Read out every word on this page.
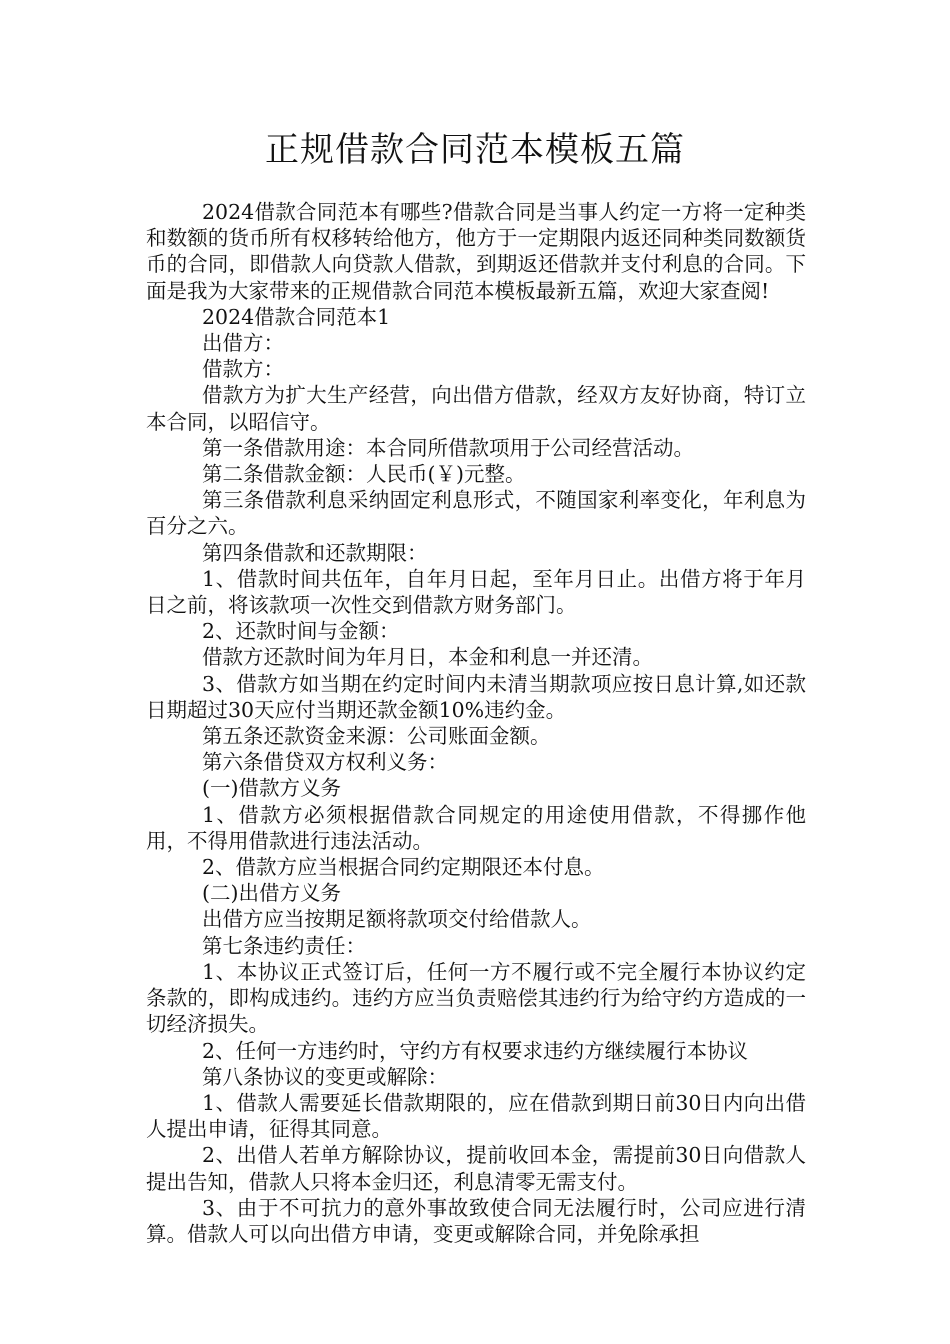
正规借款合同范本模板五篇

2024借款合同范本有哪些?借款合同是当事人约定一方将一定种类和数额的货币所有权移转给他方，他方于一定期限内返还同种类同数额货币的合同，即借款人向贷款人借款，到期返还借款并支付利息的合同。下面是我为大家带来的正规借款合同范本模板最新五篇，欢迎大家查阅!

2024借款合同范本1

出借方：

借款方：

借款方为扩大生产经营，向出借方借款，经双方友好协商，特订立本合同，以昭信守。

第一条借款用途：本合同所借款项用于公司经营活动。

第二条借款金额：人民币(￥)元整。

第三条借款利息采纳固定利息形式，不随国家利率变化，年利息为百分之六。

第四条借款和还款期限：

1、借款时间共伍年，自年月日起，至年月日止。出借方将于年月日之前，将该款项一次性交到借款方财务部门。

2、还款时间与金额：

借款方还款时间为年月日，本金和利息一并还清。

3、借款方如当期在约定时间内未清当期款项应按日息计算,如还款日期超过30天应付当期还款金额10%违约金。

第五条还款资金来源：公司账面金额。

第六条借贷双方权利义务：

(一)借款方义务

1、借款方必须根据借款合同规定的用途使用借款，不得挪作他用，不得用借款进行违法活动。

2、借款方应当根据合同约定期限还本付息。

(二)出借方义务

出借方应当按期足额将款项交付给借款人。

第七条违约责任：

1、本协议正式签订后，任何一方不履行或不完全履行本协议约定条款的，即构成违约。违约方应当负责赔偿其违约行为给守约方造成的一切经济损失。

2、任何一方违约时，守约方有权要求违约方继续履行本协议

第八条协议的变更或解除：

1、借款人需要延长借款期限的，应在借款到期日前30日内向出借人提出申请，征得其同意。

2、出借人若单方解除协议，提前收回本金，需提前30日向借款人提出告知，借款人只将本金归还，利息清零无需支付。

3、由于不可抗力的意外事故致使合同无法履行时，公司应进行清算。借款人可以向出借方申请，变更或解除合同，并免除承担
